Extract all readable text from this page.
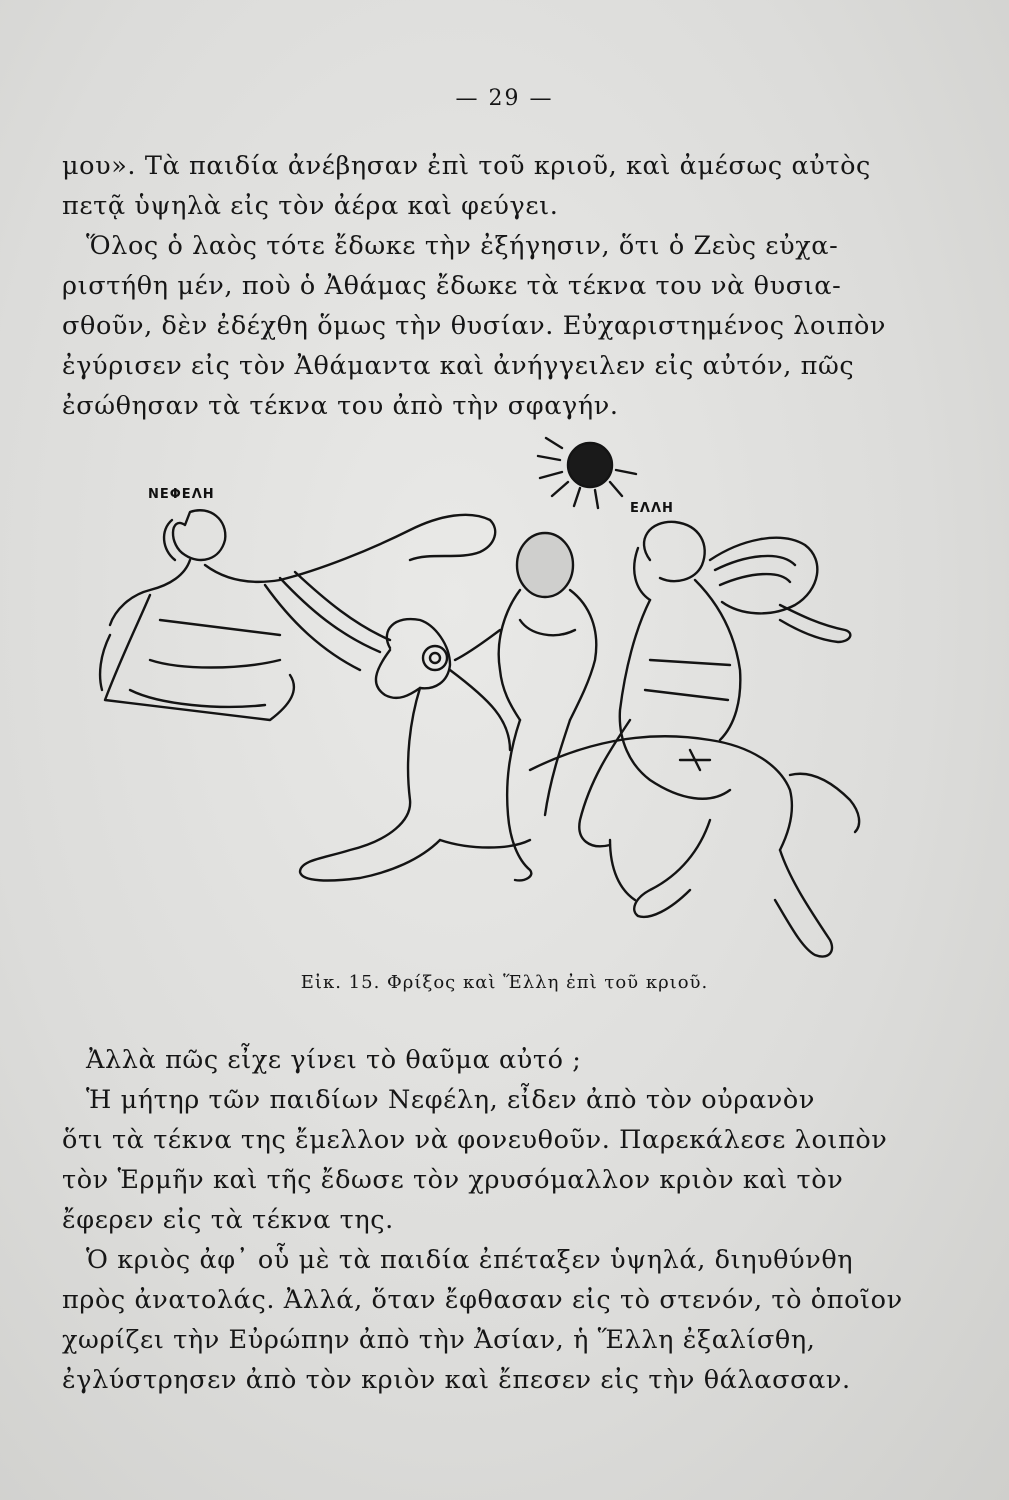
— 29 —
μου». Τὰ παιδία ἀνέβησαν ἐπὶ τοῦ κριοῦ, καὶ ἀμέσως αὐτὸς
πετᾷ ὑψηλὰ εἰς τὸν ἀέρα καὶ φεύγει.
Ὅλος ὁ λαὸς τότε ἔδωκε τὴν ἐξήγησιν, ὅτι ὁ Ζεὺς εὐχα-
ριστήθη μέν, ποὺ ὁ Ἀθάμας ἔδωκε τὰ τέκνα του νὰ θυσια-
σθοῦν, δὲν ἐδέχθη ὅμως τὴν θυσίαν. Εὐχαριστημένος λοιπὸν
ἐγύρισεν εἰς τὸν Ἀθάμαντα καὶ ἀνήγγειλεν εἰς αὐτόν, πῶς
ἐσώθησαν τὰ τέκνα του ἀπὸ τὴν σφαγήν.
ΝΕΦΕΛΗ
ΕΛΛΗ
Εἰκ. 15. Φρίξος καὶ Ἕλλη ἐπὶ τοῦ κριοῦ.
Ἀλλὰ πῶς εἶχε γίνει τὸ θαῦμα αὐτό ;
Ἡ μήτηρ τῶν παιδίων Νεφέλη, εἶδεν ἀπὸ τὸν οὐρανὸν
ὅτι τὰ τέκνα της ἔμελλον νὰ φονευθοῦν. Παρεκάλεσε λοιπὸν
τὸν Ἑρμῆν καὶ τῆς ἔδωσε τὸν χρυσόμαλλον κριὸν καὶ τὸν
ἔφερεν εἰς τὰ τέκνα της.
Ὁ κριὸς ἀφ᾽ οὗ μὲ τὰ παιδία ἐπέταξεν ὑψηλά, διηυθύνθη
πρὸς ἀνατολάς. Ἀλλά, ὅταν ἔφθασαν εἰς τὸ στενόν, τὸ ὁποῖον
χωρίζει τὴν Εὐρώπην ἀπὸ τὴν Ἀσίαν, ἡ Ἕλλη ἐξαλίσθη,
ἐγλύστρησεν ἀπὸ τὸν κριὸν καὶ ἔπεσεν εἰς τὴν θάλασσαν.
